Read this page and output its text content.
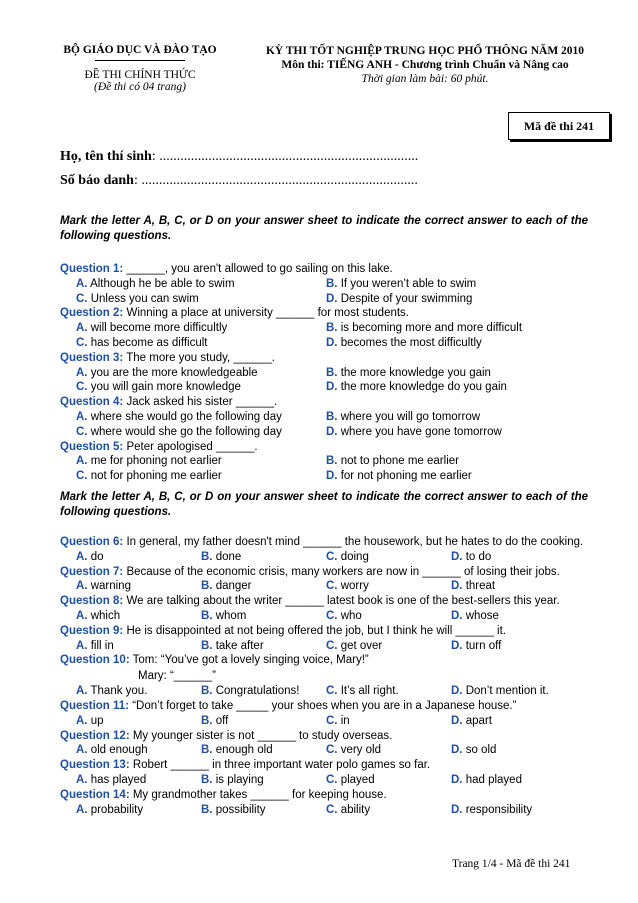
BỘ GIÁO DỤC VÀ ĐÀO TẠO
ĐỀ THI CHÍNH THỨC
(Đề thi có 04 trang)
KỲ THI TỐT NGHIỆP TRUNG HỌC PHỔ THÔNG NĂM 2010
Môn thi: TIẾNG ANH - Chương trình Chuẩn và Nâng cao
Thời gian làm bài: 60 phút.
Mã đề thi 241
Họ, tên thí sinh: ..........................................................................
Số báo danh: ...............................................................................
Mark the letter A, B, C, or D on your answer sheet to indicate the correct answer to each of the following questions.
Question 1: ______, you aren't allowed to go sailing on this lake.
A. Although he be able to swim	B. If you weren’t able to swim
C. Unless you can swim	D. Despite of your swimming
Question 2: Winning a place at university ______ for most students.
A. will become more difficultly	B. is becoming more and more difficult
C. has become as difficult	D. becomes the most difficultly
Question 3: The more you study, ______.
A. you are the more knowledgeable	B. the more knowledge you gain
C. you will gain more knowledge	D. the more knowledge do you gain
Question 4: Jack asked his sister ______.
A. where she would go the following day	B. where you will go tomorrow
C. where would she go the following day	D. where you have gone tomorrow
Question 5: Peter apologised ______.
A. me for phoning not earlier	B. not to phone me earlier
C. not for phoning me earlier	D. for not phoning me earlier
Mark the letter A, B, C, or D on your answer sheet to indicate the correct answer to each of the following questions.
Question 6: In general, my father doesn't mind ______ the housework, but he hates to do the cooking.
A. do	B. done	C. doing	D. to do
Question 7: Because of the economic crisis, many workers are now in ______ of losing their jobs.
A. warning	B. danger	C. worry	D. threat
Question 8: We are talking about the writer ______ latest book is one of the best-sellers this year.
A. which	B. whom	C. who	D. whose
Question 9: He is disappointed at not being offered the job, but I think he will ______ it.
A. fill in	B. take after	C. get over	D. turn off
Question 10: Tom: “You’ve got a lovely singing voice, Mary!”
Mary: “______”
A. Thank you.	B. Congratulations!	C. It’s all right.	D. Don’t mention it.
Question 11: “Don’t forget to take _____ your shoes when you are in a Japanese house.”
A. up	B. off	C. in	D. apart
Question 12: My younger sister is not ______ to study overseas.
A. old enough	B. enough old	C. very old	D. so old
Question 13: Robert ______ in three important water polo games so far.
A. has played	B. is playing	C. played	D. had played
Question 14: My grandmother takes ______ for keeping house.
A. probability	B. possibility	C. ability	D. responsibility
Trang 1/4 - Mã đề thi 241
